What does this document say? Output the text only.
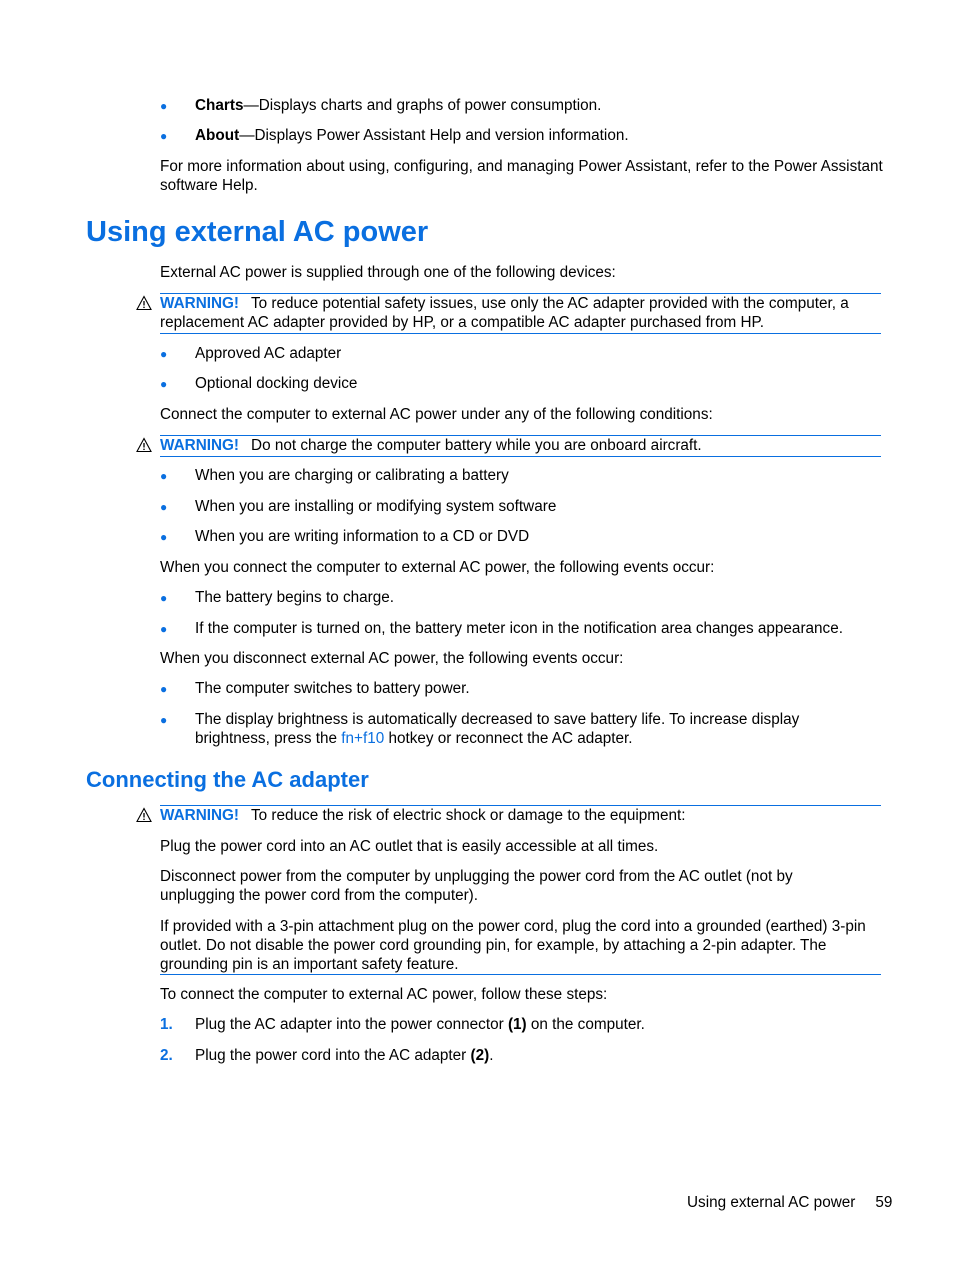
●	Charts—Displays charts and graphs of power consumption.
●	About—Displays Power Assistant Help and version information.
For more information about using, configuring, and managing Power Assistant, refer to the Power Assistant software Help.
Using external AC power
External AC power is supplied through one of the following devices:
WARNING! To reduce potential safety issues, use only the AC adapter provided with the computer, a replacement AC adapter provided by HP, or a compatible AC adapter purchased from HP.
●	Approved AC adapter
●	Optional docking device
Connect the computer to external AC power under any of the following conditions:
WARNING! Do not charge the computer battery while you are onboard aircraft.
●	When you are charging or calibrating a battery
●	When you are installing or modifying system software
●	When you are writing information to a CD or DVD
When you connect the computer to external AC power, the following events occur:
●	The battery begins to charge.
●	If the computer is turned on, the battery meter icon in the notification area changes appearance.
When you disconnect external AC power, the following events occur:
●	The computer switches to battery power.
●	The display brightness is automatically decreased to save battery life. To increase display brightness, press the fn+f10 hotkey or reconnect the AC adapter.
Connecting the AC adapter
WARNING! To reduce the risk of electric shock or damage to the equipment:
Plug the power cord into an AC outlet that is easily accessible at all times.
Disconnect power from the computer by unplugging the power cord from the AC outlet (not by unplugging the power cord from the computer).
If provided with a 3-pin attachment plug on the power cord, plug the cord into a grounded (earthed) 3-pin outlet. Do not disable the power cord grounding pin, for example, by attaching a 2-pin adapter. The grounding pin is an important safety feature.
To connect the computer to external AC power, follow these steps:
1. Plug the AC adapter into the power connector (1) on the computer.
2. Plug the power cord into the AC adapter (2).
Using external AC power 59
